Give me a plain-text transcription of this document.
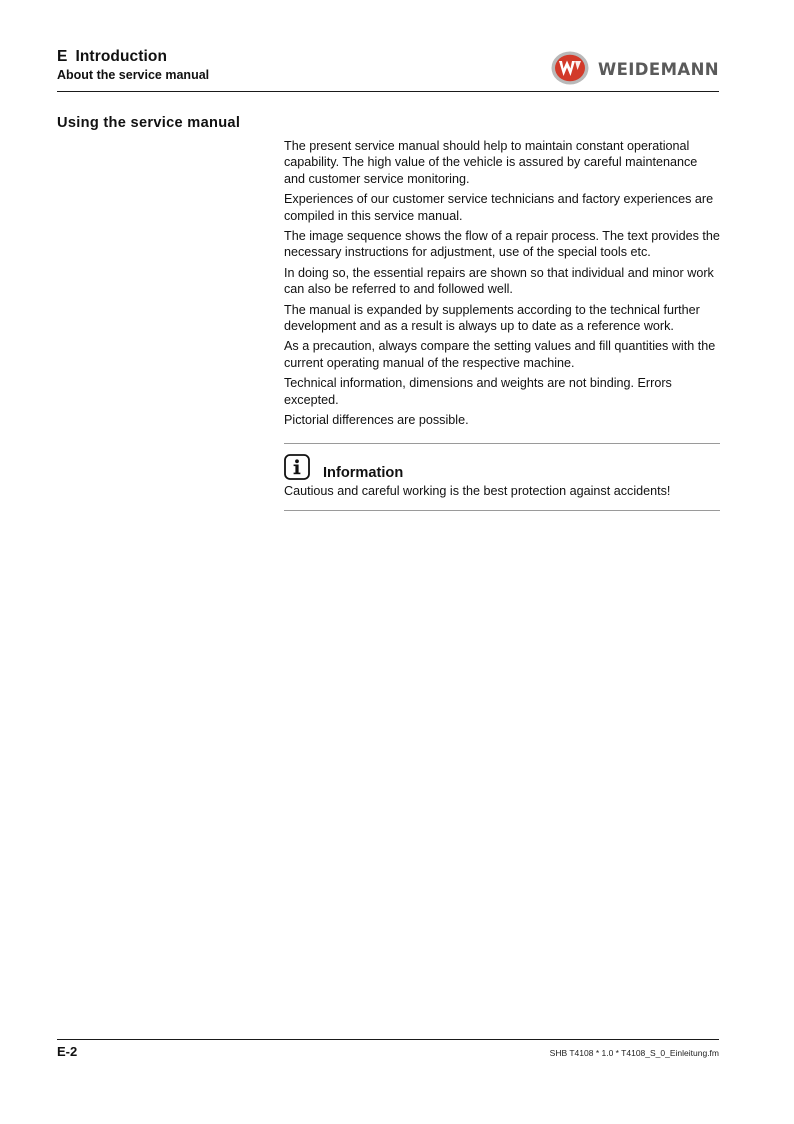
E Introduction
About the service manual	WEIDEMANN
Using the service manual

The present service manual should help to maintain constant operational capability. The high value of the vehicle is assured by careful maintenance and customer service monitoring.

Experiences of our customer service technicians and factory experiences are compiled in this service manual.

The image sequence shows the flow of a repair process. The text provides the necessary instructions for adjustment, use of the special tools etc.

In doing so, the essential repairs are shown so that individual and minor work can also be referred to and followed well.

The manual is expanded by supplements according to the technical further development and as a result is always up to date as a reference work.

As a precaution, always compare the setting values and fill quantities with the current operating manual of the respective machine.

Technical information, dimensions and weights are not binding. Errors excepted.

Pictorial differences are possible.

Information
Cautious and careful working is the best protection against accidents!
E-2	SHB T4108 * 1.0 * T4108_S_0_Einleitung.fm
